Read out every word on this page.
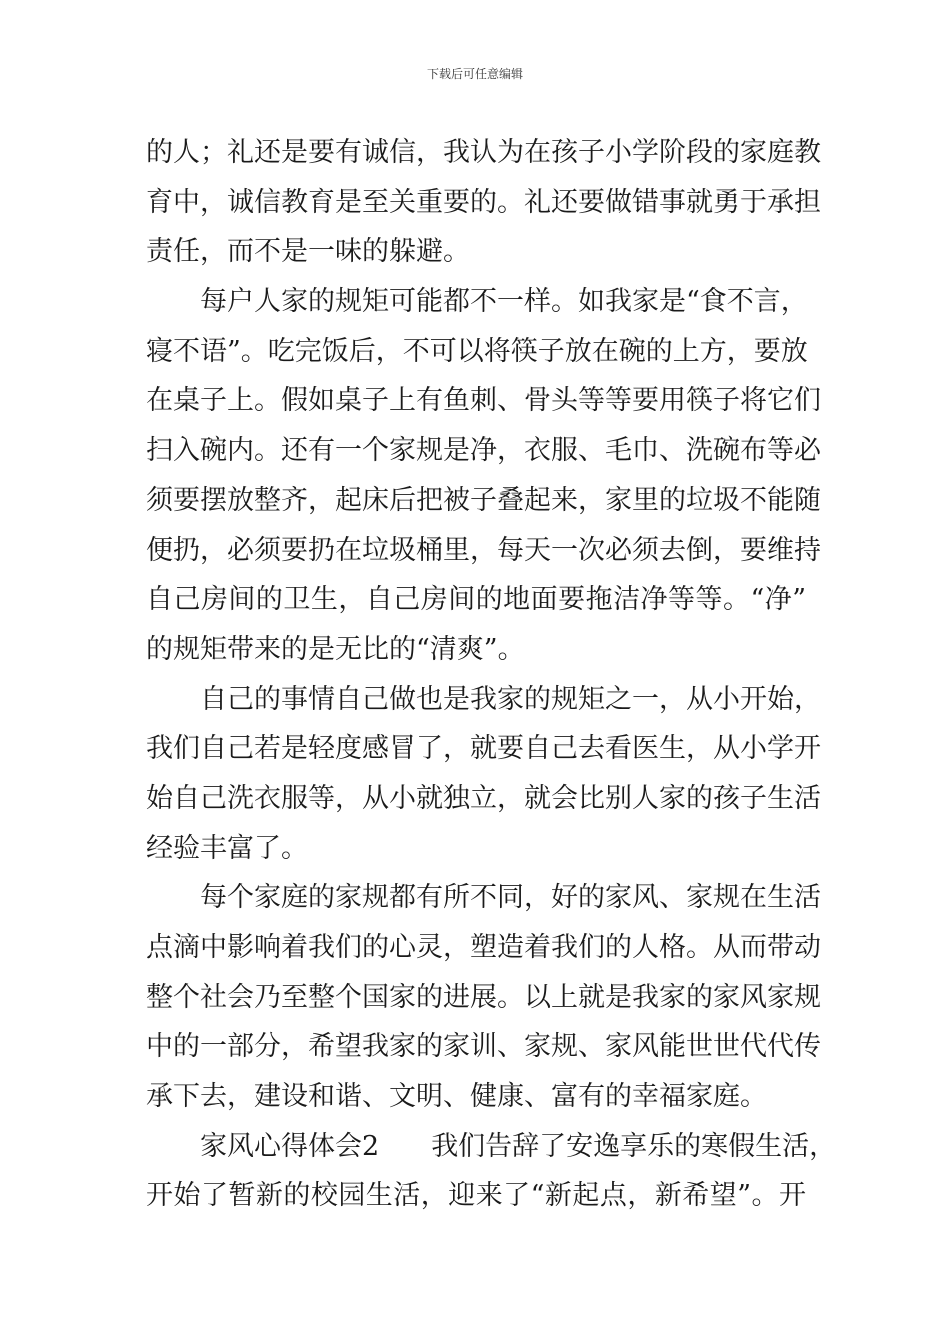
下载后可任意编辑
的人；礼还是要有诚信，我认为在孩子小学阶段的家庭教
育中，诚信教育是至关重要的。礼还要做错事就勇于承担
责任，而不是一味的躲避。
每户人家的规矩可能都不一样。如我家是“食不言，
寝不语”。吃完饭后，不可以将筷子放在碗的上方，要放
在桌子上。假如桌子上有鱼刺、骨头等等要用筷子将它们
扫入碗内。还有一个家规是净，衣服、毛巾、洗碗布等必
须要摆放整齐，起床后把被子叠起来，家里的垃圾不能随
便扔，必须要扔在垃圾桶里，每天一次必须去倒，要维持
自己房间的卫生，自己房间的地面要拖洁净等等。“净”
的规矩带来的是无比的“清爽”。
自己的事情自己做也是我家的规矩之一，从小开始，
我们自己若是轻度感冒了，就要自己去看医生，从小学开
始自己洗衣服等，从小就独立，就会比别人家的孩子生活
经验丰富了。
每个家庭的家规都有所不同，好的家风、家规在生活
点滴中影响着我们的心灵，塑造着我们的人格。从而带动
整个社会乃至整个国家的进展。以上就是我家的家风家规
中的一部分，希望我家的家训、家规、家风能世世代代传
承下去，建设和谐、文明、健康、富有的幸福家庭。
家风心得体会2 我们告辞了安逸享乐的寒假生活，
开始了暂新的校园生活，迎来了“新起点，新希望”。开
